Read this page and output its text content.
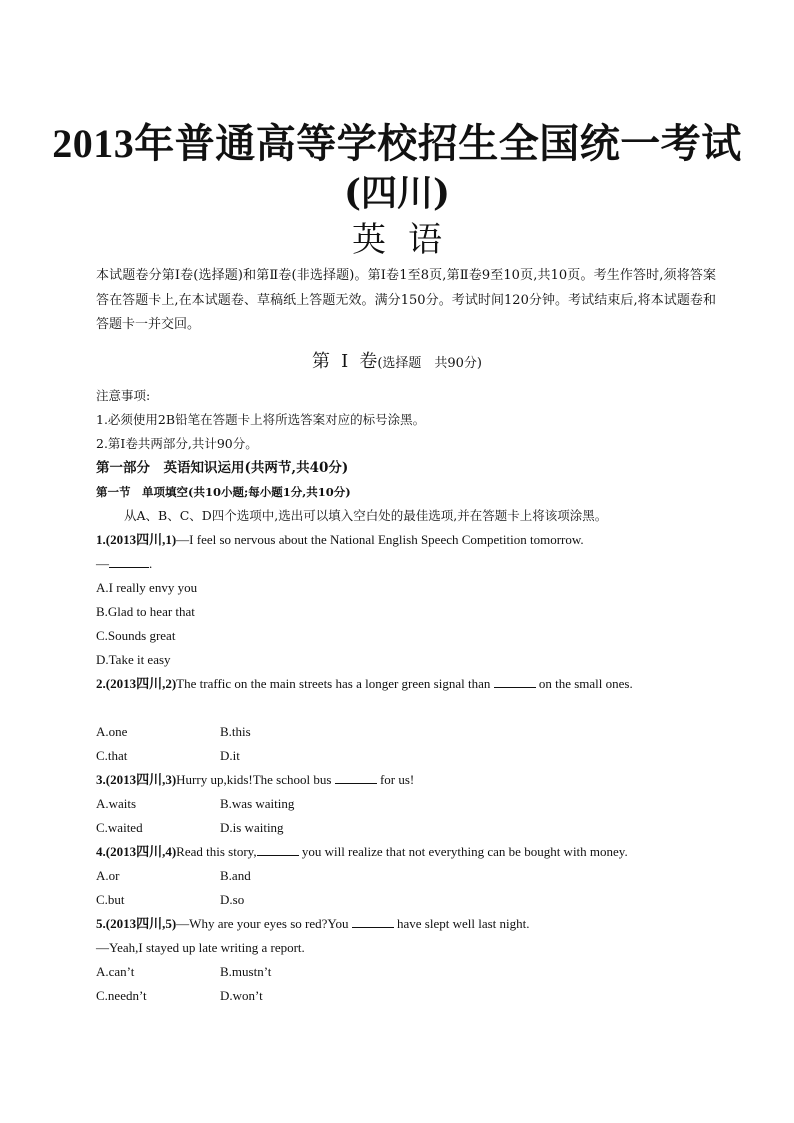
2013年普通高等学校招生全国统一考试
(四川)
英语
本试题卷分第Ⅰ卷(选择题)和第Ⅱ卷(非选择题)。第Ⅰ卷1至8页,第Ⅱ卷9至10页,共10页。考生作答时,须将答案答在答题卡上,在本试题卷、草稿纸上答题无效。满分150分。考试时间120分钟。考试结束后,将本试题卷和答题卡一并交回。
第 Ⅰ 卷(选择题　共90分)
注意事项:
1.必须使用2B铅笔在答题卡上将所选答案对应的标号涂黑。
2.第Ⅰ卷共两部分,共计90分。
第一部分　英语知识运用(共两节,共40分)
第一节　单项填空(共10小题;每小题1分,共10分)
从A、B、C、D四个选项中,选出可以填入空白处的最佳选项,并在答题卡上将该项涂黑。
1.(2013四川,1)—I feel so nervous about the National English Speech Competition tomorrow.
—	.
A.I really envy you
B.Glad to hear that
C.Sounds great
D.Take it easy
2.(2013四川,2)The traffic on the main streets has a longer green signal than	on the small ones.
A.one	B.this
C.that	D.it
3.(2013四川,3)Hurry up,kids!The school bus	for us!
A.waits	B.was waiting
C.waited	D.is waiting
4.(2013四川,4)Read this story,	you will realize that not everything can be bought with money.
A.or	B.and
C.but	D.so
5.(2013四川,5)—Why are your eyes so red?You	have slept well last night.
—Yeah,I stayed up late writing a report.
A.can’t	B.mustn’t
C.needn’t	D.won’t
